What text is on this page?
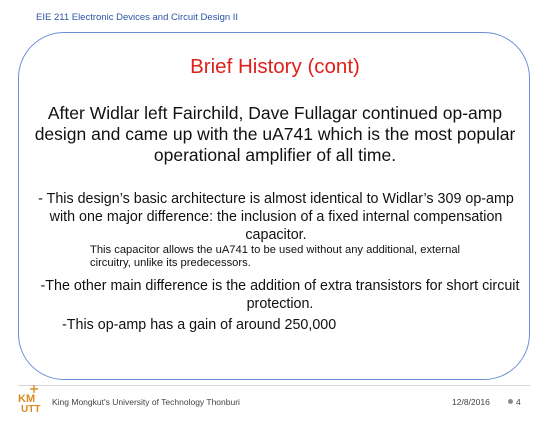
EIE 211 Electronic Devices and Circuit Design II
Brief History (cont)
After Widlar left Fairchild, Dave Fullagar continued op-amp design and came up with the uA741 which is the most popular operational amplifier of all time.
- This design’s basic architecture is almost identical to Widlar’s 309 op-amp with one major difference: the inclusion of a fixed internal compensation capacitor.
This capacitor allows the uA741 to be used without any additional, external circuitry, unlike its predecessors.
-The other main difference is the addition of extra transistors for short circuit protection.
-This op-amp has a gain of around 250,000
KM
UTT
King Mongkut's University of Technology Thonburi	12/8/2016	4
